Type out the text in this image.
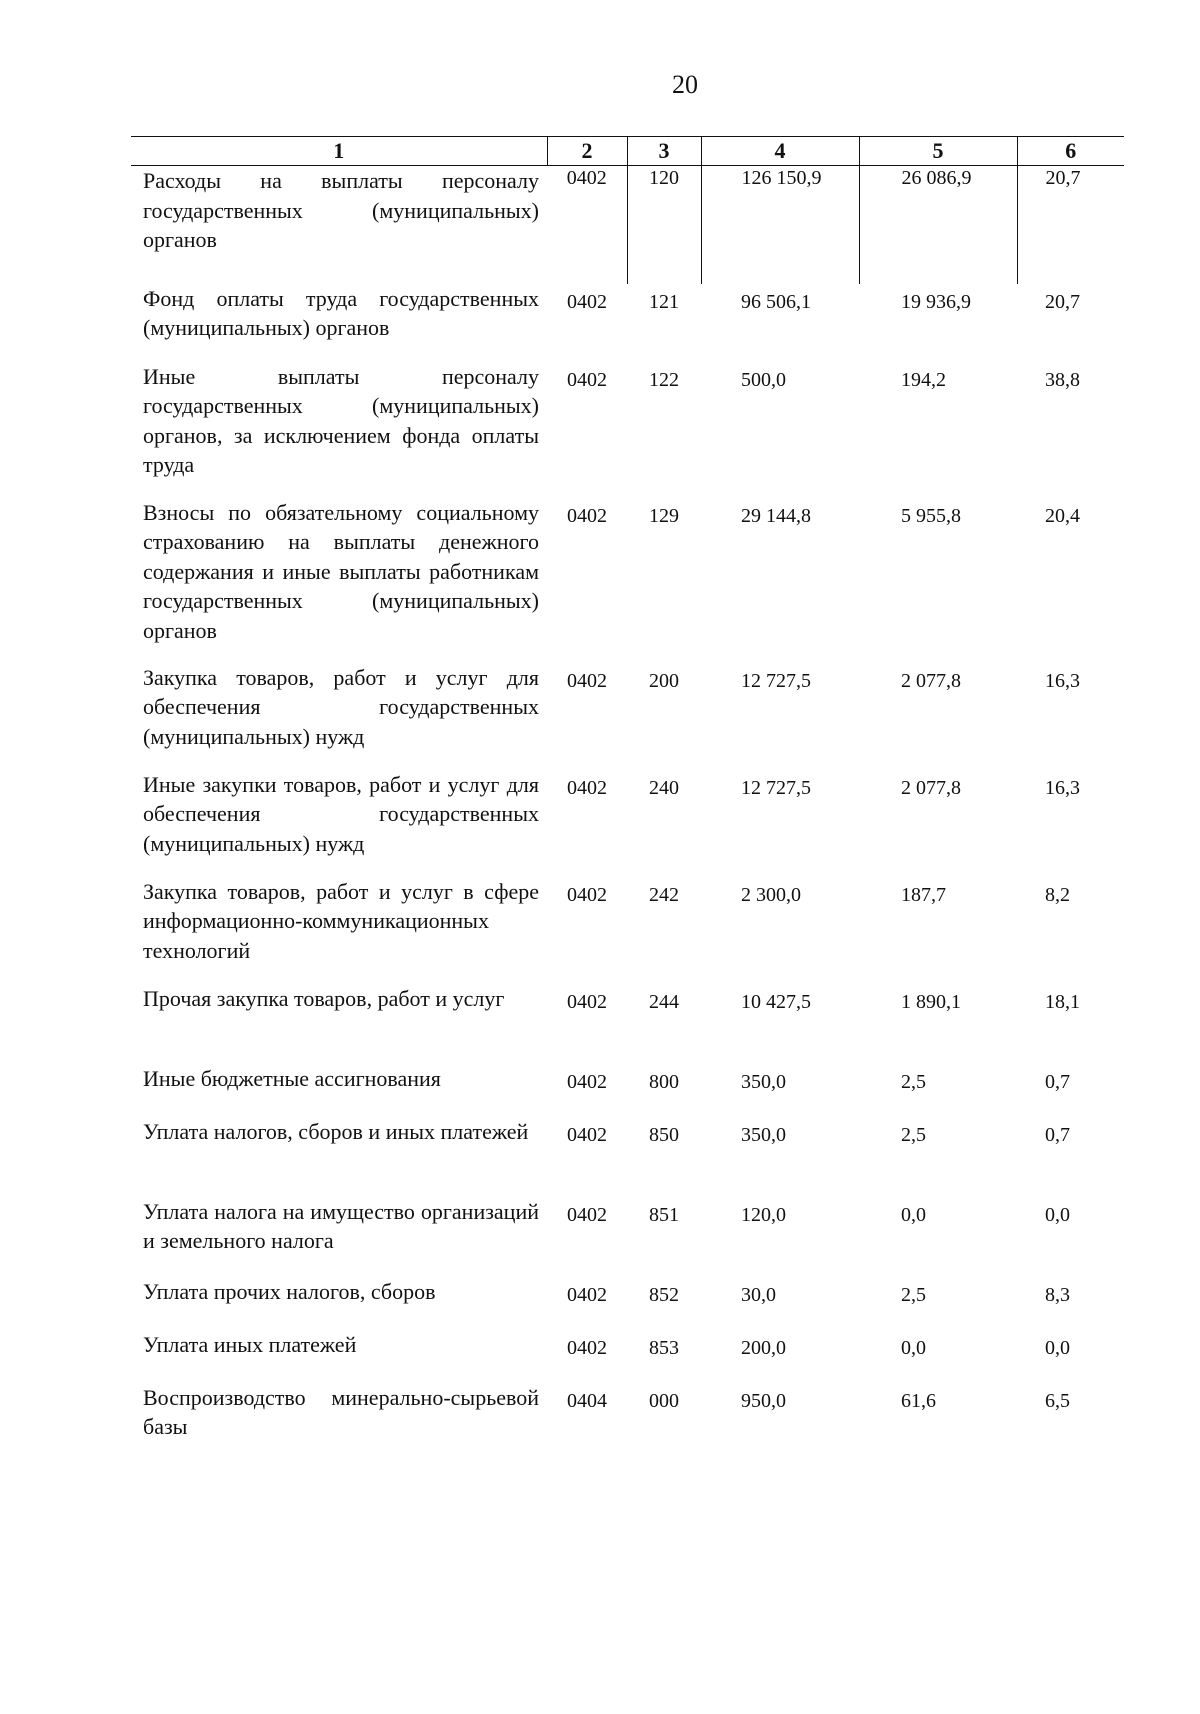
20
1	2	3	4	5	6
Расходы на выплаты персоналу государственных (муниципальных) органов	0402	120	126 150,9	26 086,9	20,7
Фонд оплаты труда государственных (муниципальных) органов	0402	121	96 506,1	19 936,9	20,7
Иные выплаты персоналу государственных (муниципальных) органов, за исключением фонда оплаты труда	0402	122	500,0	194,2	38,8
Взносы по обязательному социальному страхованию на выплаты денежного содержания и иные выплаты работникам государственных (муниципальных) органов	0402	129	29 144,8	5 955,8	20,4
Закупка товаров, работ и услуг для обеспечения государственных (муниципальных) нужд	0402	200	12 727,5	2 077,8	16,3
Иные закупки товаров, работ и услуг для обеспечения государственных (муниципальных) нужд	0402	240	12 727,5	2 077,8	16,3
Закупка товаров, работ и услуг в сфере информационно-коммуникационных технологий	0402	242	2 300,0	187,7	8,2
Прочая закупка товаров, работ и услуг	0402	244	10 427,5	1 890,1	18,1
Иные бюджетные ассигнования	0402	800	350,0	2,5	0,7
Уплата налогов, сборов и иных платежей	0402	850	350,0	2,5	0,7
Уплата налога на имущество организаций и земельного налога	0402	851	120,0	0,0	0,0
Уплата прочих налогов, сборов	0402	852	30,0	2,5	8,3
Уплата иных платежей	0402	853	200,0	0,0	0,0
Воспроизводство минерально-сырьевой базы	0404	000	950,0	61,6	6,5
